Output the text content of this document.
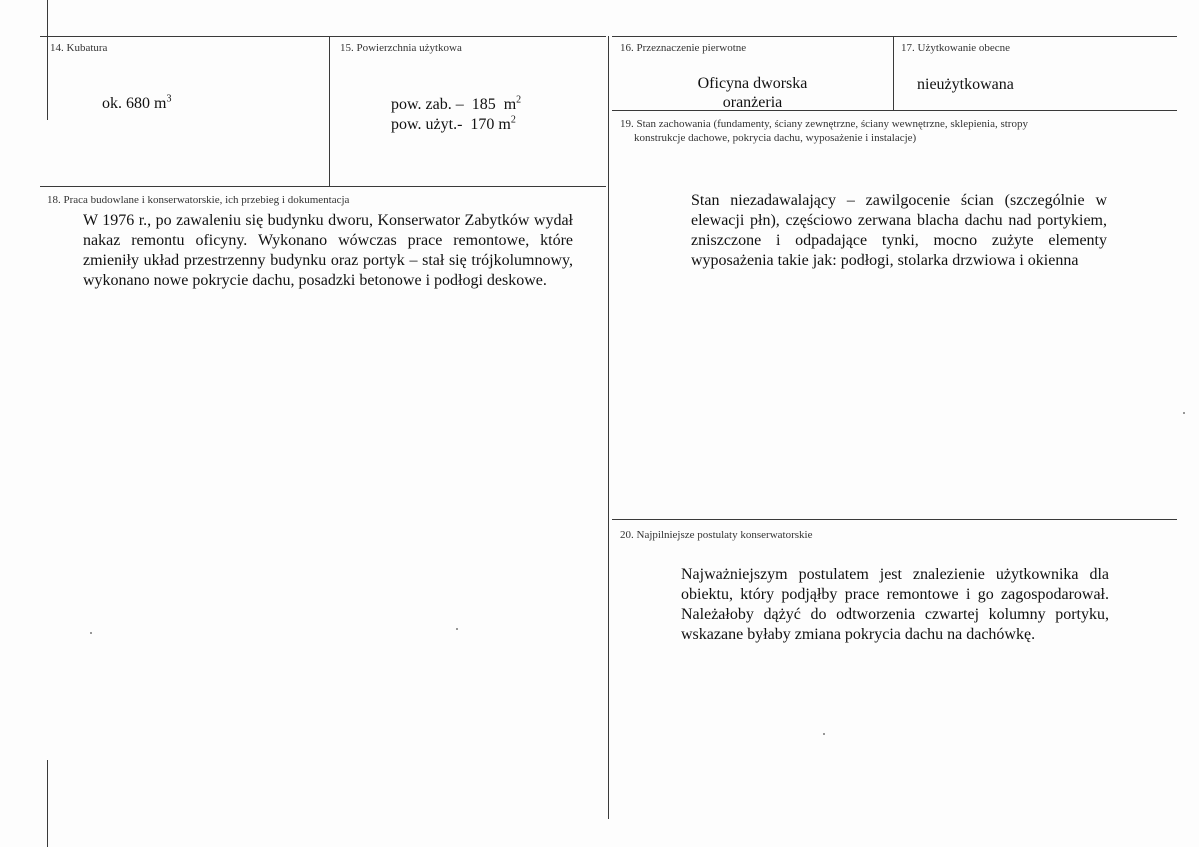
14. Kubatura
ok. 680 $m^3$
15. Powierzchnia użytkowa
pow. zab. – 185 $m^2$
pow. użyt.- 170 $m^2$
16. Przeznaczenie pierwotne
Oficyna dworska
oranżeria
17. Użytkowanie obecne
nieużytkowana
19. Stan zachowania (fundamenty, ściany zewnętrzne, ściany wewnętrzne, sklepienia, stropy
konstrukcje dachowe, pokrycia dachu, wyposażenie i instalacje)
Stan niezadawalający – zawilgocenie ścian (szczególnie w elewacji płn), częściowo zerwana blacha dachu nad portykiem, zniszczone i odpadające tynki, mocno zużyte elementy wyposażenia takie jak: podłogi, stolarka drzwiowa i okienna
18. Praca budowlane i konserwatorskie, ich przebieg i dokumentacja
W 1976 r., po zawaleniu się budynku dworu, Konserwator Zabytków wydał nakaz remontu oficyny. Wykonano wówczas prace remontowe, które zmieniły układ przestrzenny budynku oraz portyk – stał się trójkolumnowy, wykonano nowe pokrycie dachu, posadzki betonowe i podłogi deskowe.
20. Najpilniejsze postulaty konserwatorskie
Najważniejszym postulatem jest znalezienie użytkownika dla obiektu, który podjąłby prace remontowe i go zagospodarował. Należałoby dążyć do odtworzenia czwartej kolumny portyku, wskazane byłaby zmiana pokrycia dachu na dachówkę.
